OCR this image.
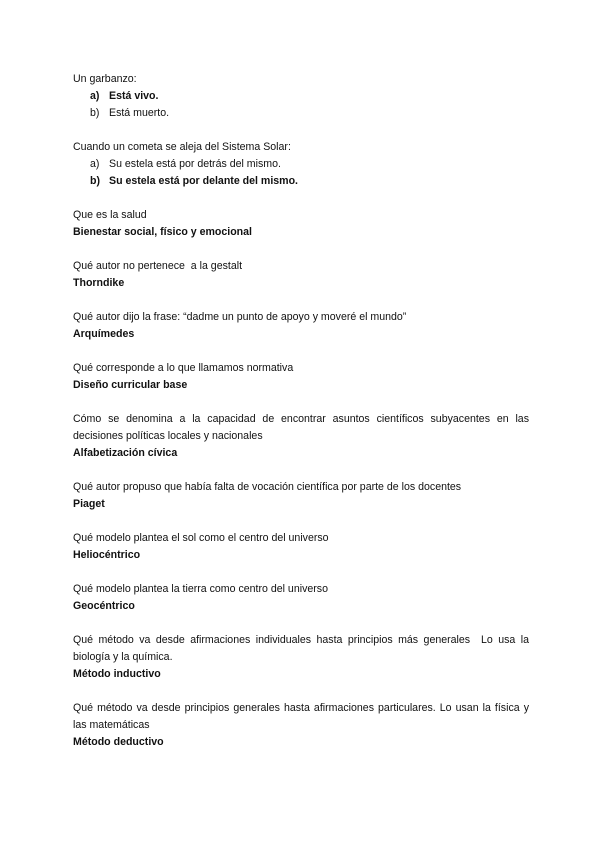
Un garbanzo:
a) Está vivo.
b) Está muerto.
Cuando un cometa se aleja del Sistema Solar:
a) Su estela está por detrás del mismo.
b) Su estela está por delante del mismo.
Que es la salud
Bienestar social, físico y emocional
Qué autor no pertenece  a la gestalt
Thorndike
Qué autor dijo la frase: “dadme un punto de apoyo y moveré el mundo”
Arquímedes
Qué corresponde a lo que llamamos normativa
Diseño curricular base
Cómo se denomina a la capacidad de encontrar asuntos científicos subyacentes en las decisiones políticas locales y nacionales
Alfabetización cívica
Qué autor propuso que había falta de vocación científica por parte de los docentes
Piaget
Qué modelo plantea el sol como el centro del universo
Heliocéntrico
Qué modelo plantea la tierra como centro del universo
Geocéntrico
Qué método va desde afirmaciones individuales hasta principios más generales  Lo usa la biología y la química.
Método inductivo
Qué método va desde principios generales hasta afirmaciones particulares. Lo usan la física y las matemáticas
Método deductivo
